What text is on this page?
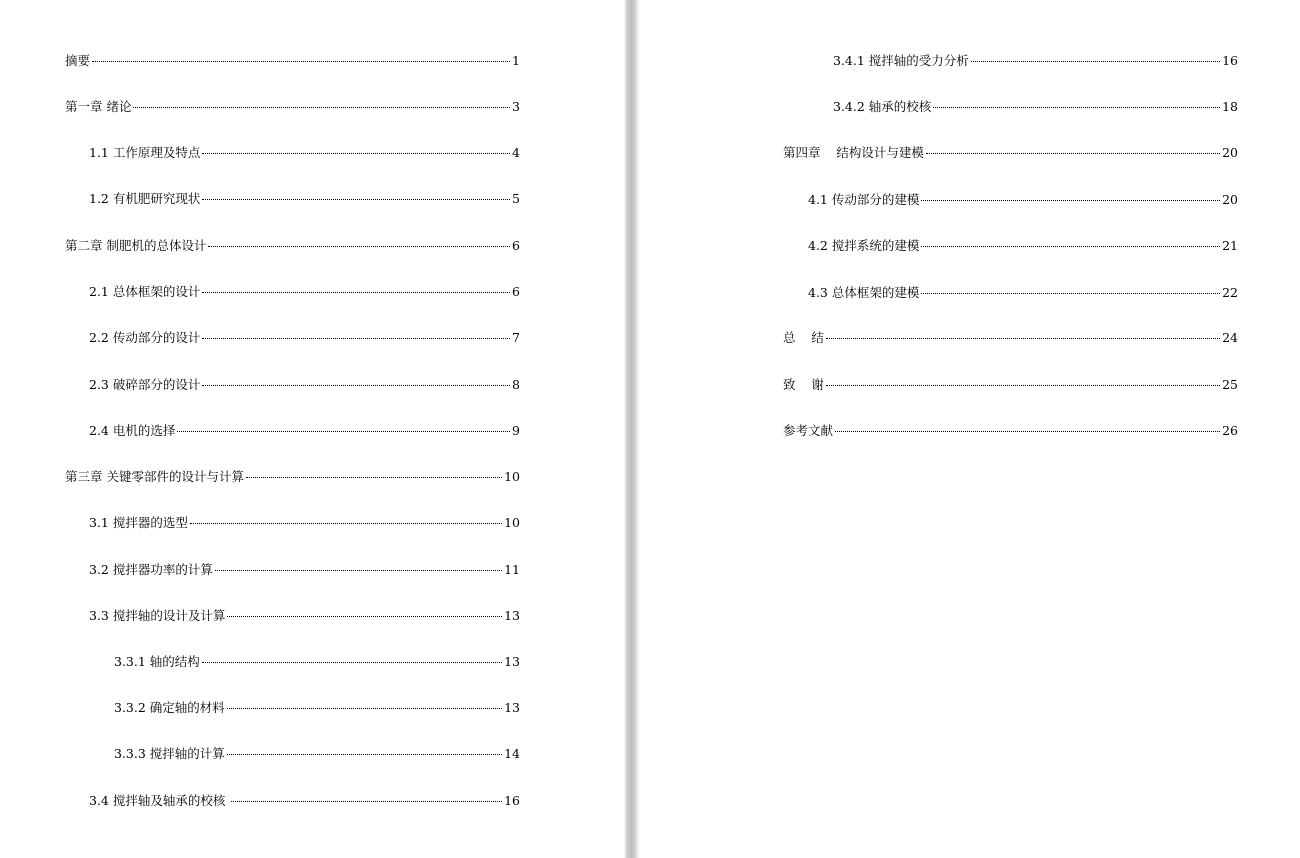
摘要	1
第一章 绪论	3
1.1 工作原理及特点	4
1.2 有机肥研究现状	5
第二章 制肥机的总体设计	6
2.1 总体框架的设计	6
2.2 传动部分的设计	7
2.3 破碎部分的设计	8
2.4 电机的选择	9
第三章 关键零部件的设计与计算	10
3.1 搅拌器的选型	10
3.2 搅拌器功率的计算	11
3.3 搅拌轴的设计及计算	13
3.3.1 轴的结构	13
3.3.2 确定轴的材料	13
3.3.3 搅拌轴的计算	14
3.4 搅拌轴及轴承的校核	16
3.4.1 搅拌轴的受力分析	16
3.4.2 轴承的校核	18
第四章    结构设计与建模	20
4.1 传动部分的建模	20
4.2 搅拌系统的建模	21
4.3 总体框架的建模	22
总    结	24
致    谢	25
参考文献	26
